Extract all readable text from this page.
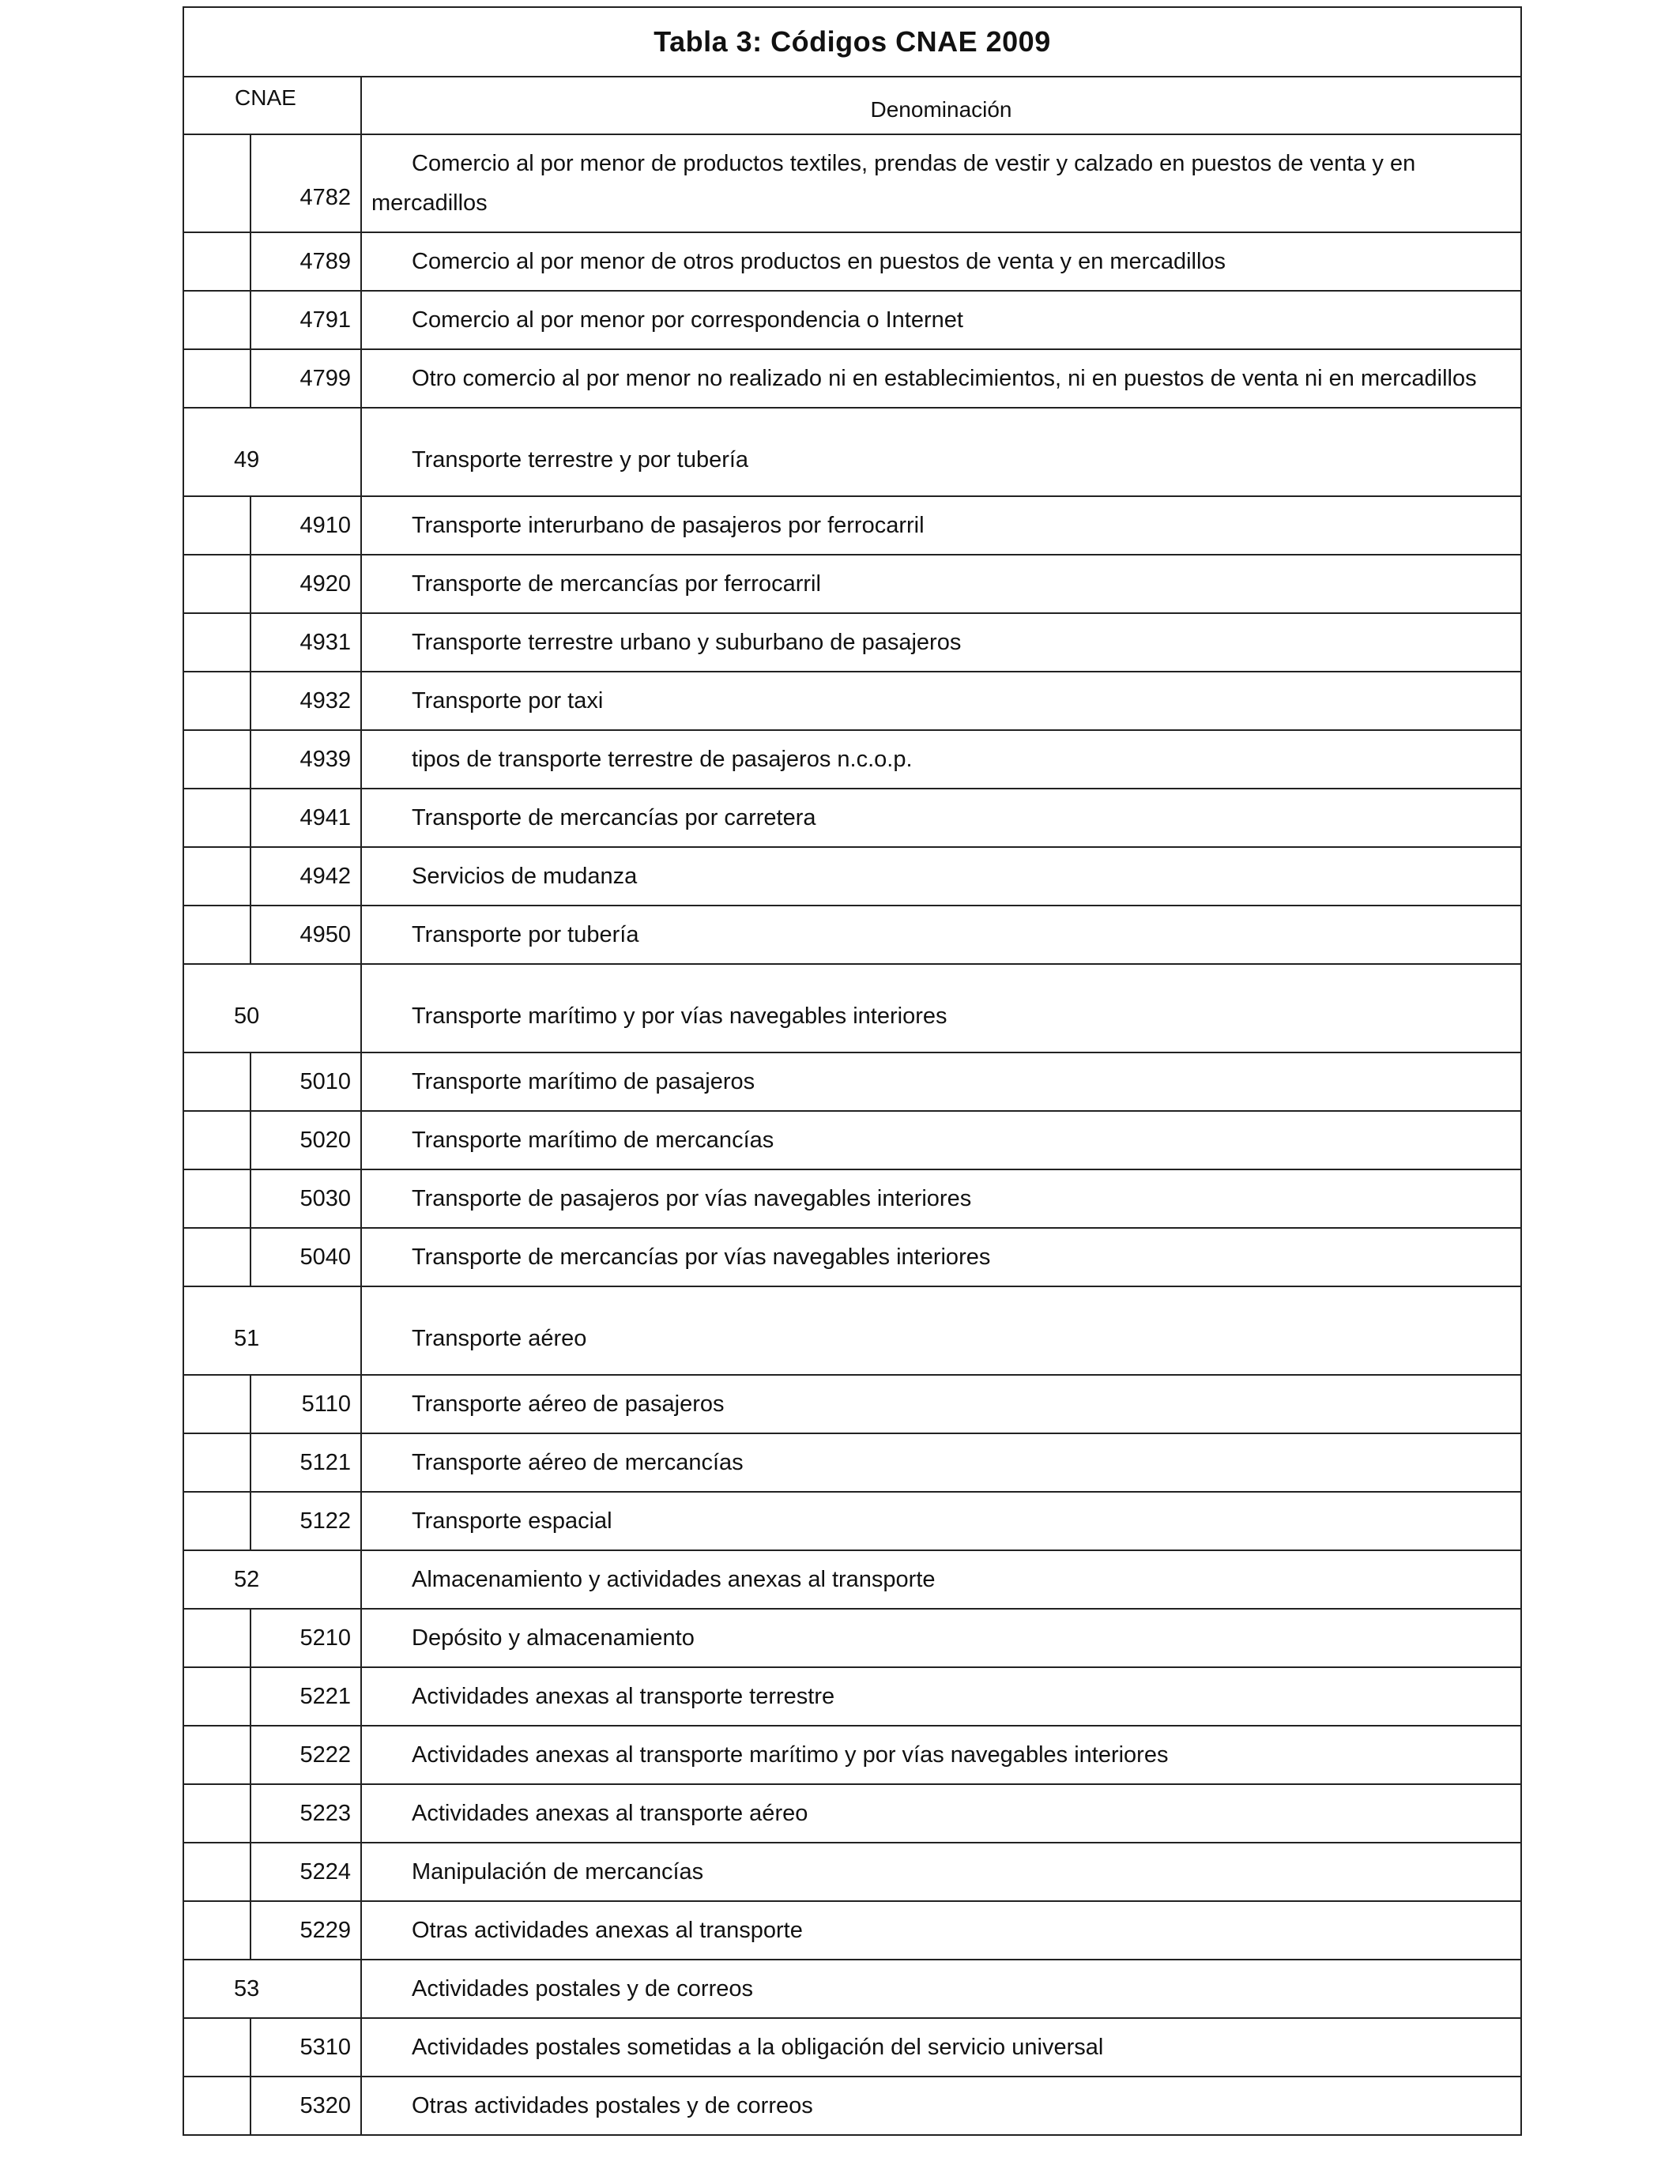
Tabla 3: Códigos CNAE 2009		
CNAE		Denominación
	4782	Comercio al por menor de productos textiles, prendas de vestir y calzado en puestos de venta y en
mercadillos
	4789	Comercio al por menor de otros productos en puestos de venta y en mercadillos
	4791	Comercio al por menor por correspondencia o Internet
	4799	Otro comercio al por menor no realizado ni en establecimientos, ni en puestos de venta ni en mercadillos
49		Transporte terrestre y por tubería
	4910	Transporte interurbano de pasajeros por ferrocarril
	4920	Transporte de mercancías por ferrocarril
	4931	Transporte terrestre urbano y suburbano de pasajeros
	4932	Transporte por taxi
	4939	tipos de transporte terrestre de pasajeros n.c.o.p.
	4941	Transporte de mercancías por carretera
	4942	Servicios de mudanza
	4950	Transporte por tubería
50		Transporte marítimo y por vías navegables interiores
	5010	Transporte marítimo de pasajeros
	5020	Transporte marítimo de mercancías
	5030	Transporte de pasajeros por vías navegables interiores
	5040	Transporte de mercancías por vías navegables interiores
51		Transporte aéreo
	5110	Transporte aéreo de pasajeros
	5121	Transporte aéreo de mercancías
	5122	Transporte espacial
52		Almacenamiento y actividades anexas al transporte
	5210	Depósito y almacenamiento
	5221	Actividades anexas al transporte terrestre
	5222	Actividades anexas al transporte marítimo y por vías navegables interiores
	5223	Actividades anexas al transporte aéreo
	5224	Manipulación de mercancías
	5229	Otras actividades anexas al transporte
53		Actividades postales y de correos
	5310	Actividades postales sometidas a la obligación del servicio universal
	5320	Otras actividades postales y de correos
